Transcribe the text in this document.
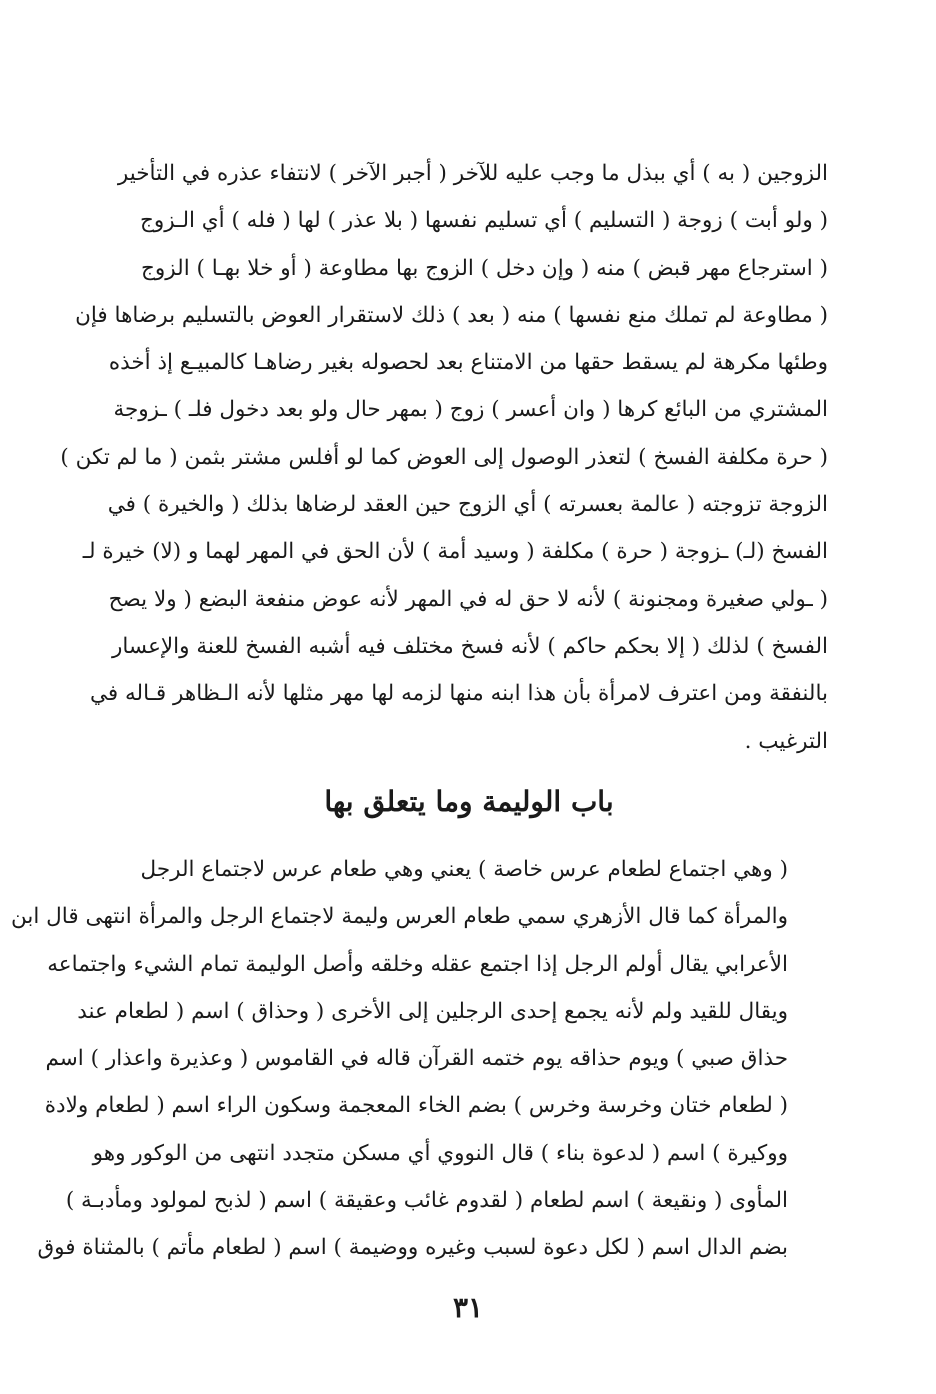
الزوجين ( به ) أي ببذل ما وجب عليه للآخر ( أجبر الآخر ) لانتفاء عذره في التأخير
( ولو أبت ) زوجة ( التسليم ) أي تسليم نفسها ( بلا عذر ) لها ( فله ) أي الـزوج
( استرجاع مهر قبض ) منه ( وإن دخل ) الزوج بها مطاوعة ( أو خلا بهـا ) الزوج
( مطاوعة لم تملك منع نفسها ) منه ( بعد ) ذلك لاستقرار العوض بالتسليم برضاها فإن
وطئها مكرهة لم يسقط حقها من الامتناع بعد لحصوله بغير رضاهـا كالمبيـع إذ أخذه
المشتري من البائع كرها ( وان أعسر ) زوج ( بمهر حال ولو بعد دخول فلـ ) ـزوجة
( حرة مكلفة الفسخ ) لتعذر الوصول إلى العوض كما لو أفلس مشتر بثمن ( ما لم تكن )
الزوجة تزوجته ( عالمة بعسرته ) أي الزوج حين العقد لرضاها بذلك ( والخيرة ) في
الفسخ (لـ) ـزوجة ( حرة ) مكلفة ( وسيد أمة ) لأن الحق في المهر لهما و (لا) خيرة لـ
( ـولي صغيرة ومجنونة ) لأنه لا حق له في المهر لأنه عوض منفعة البضع ( ولا يصح
الفسخ ) لذلك ( إلا بحكم حاكم ) لأنه فسخ مختلف فيه أشبه الفسخ للعنة والإعسار
بالنفقة ومن اعترف لامرأة بأن هذا ابنه منها لزمه لها مهر مثلها لأنه الـظاهر قـاله في
الترغيب .
باب الوليمة وما يتعلق بها
( وهي اجتماع لطعام عرس خاصة ) يعني وهي طعام عرس لاجتماع الرجل
والمرأة كما قال الأزهري سمي طعام العرس وليمة لاجتماع الرجل والمرأة انتهى قال ابن
الأعرابي يقال أولم الرجل إذا اجتمع عقله وخلقه وأصل الوليمة تمام الشيء واجتماعه
ويقال للقيد ولم لأنه يجمع إحدى الرجلين إلى الأخرى ( وحذاق ) اسم ( لطعام عند
حذاق صبي ) ويوم حذاقه يوم ختمه القرآن قاله في القاموس ( وعذيرة واعذار ) اسم
( لطعام ختان وخرسة وخرس ) بضم الخاء المعجمة وسكون الراء اسم ( لطعام ولادة
ووكيرة ) اسم ( لدعوة بناء ) قال النووي أي مسكن متجدد انتهى من الوكور وهو
المأوى ( ونقيعة ) اسم لطعام ( لقدوم غائب وعقيقة ) اسم ( لذبح لمولود ومأدبـة )
بضم الدال اسم ( لكل دعوة لسبب وغيره ووضيمة ) اسم ( لطعام مأتم ) بالمثناة فوق
٣١
